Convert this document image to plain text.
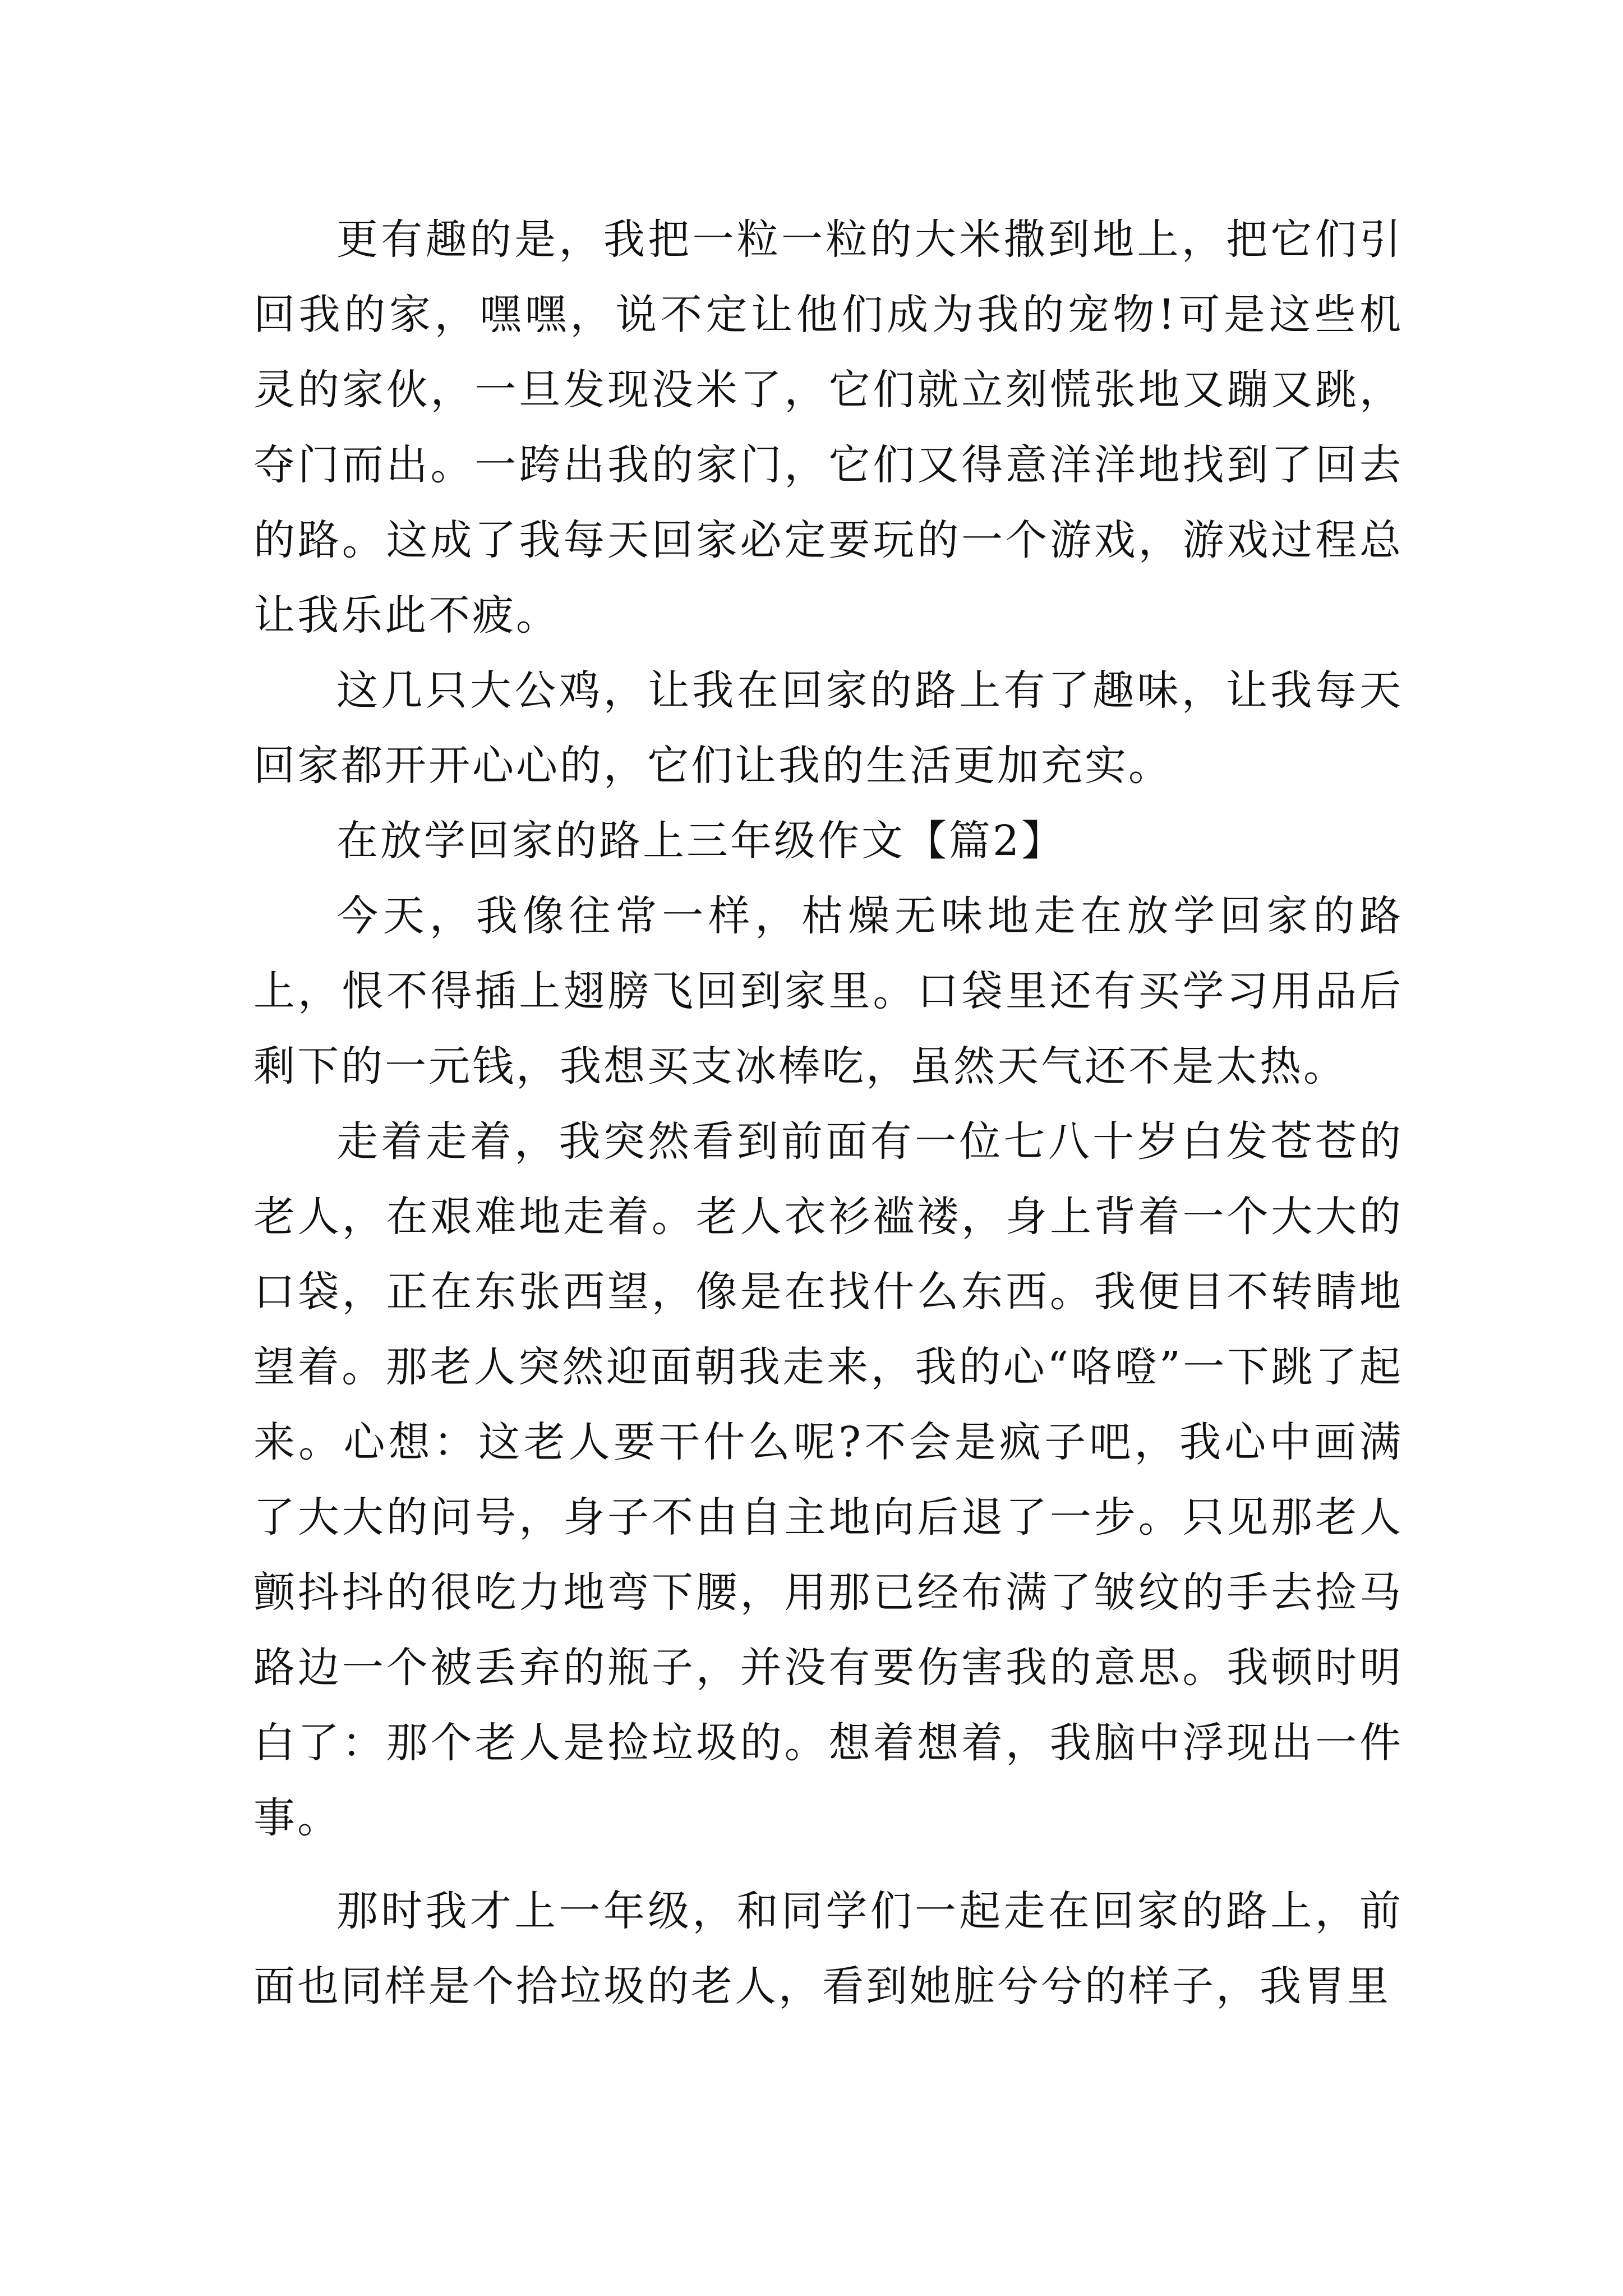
更有趣的是，我把一粒一粒的大米撒到地上，把它们引回我的家，嘿嘿，说不定让他们成为我的宠物!可是这些机灵的家伙，一旦发现没米了，它们就立刻慌张地又蹦又跳，夺门而出。一跨出我的家门，它们又得意洋洋地找到了回去的路。这成了我每天回家必定要玩的一个游戏，游戏过程总让我乐此不疲。

这几只大公鸡，让我在回家的路上有了趣味，让我每天回家都开开心心的，它们让我的生活更加充实。

在放学回家的路上三年级作文【篇2】

今天，我像往常一样，枯燥无味地走在放学回家的路上，恨不得插上翅膀飞回到家里。口袋里还有买学习用品后剩下的一元钱，我想买支冰棒吃，虽然天气还不是太热。

走着走着，我突然看到前面有一位七八十岁白发苍苍的老人，在艰难地走着。老人衣衫褴褛，身上背着一个大大的口袋，正在东张西望，像是在找什么东西。我便目不转睛地望着。那老人突然迎面朝我走来，我的心“咯噔”一下跳了起来。心想：这老人要干什么呢?不会是疯子吧，我心中画满了大大的问号，身子不由自主地向后退了一步。只见那老人颤抖抖的很吃力地弯下腰，用那已经布满了皱纹的手去捡马路边一个被丢弃的瓶子，并没有要伤害我的意思。我顿时明白了：那个老人是捡垃圾的。想着想着，我脑中浮现出一件事。

那时我才上一年级，和同学们一起走在回家的路上，前面也同样是个拾垃圾的老人，看到她脏兮兮的样子，我胃里
